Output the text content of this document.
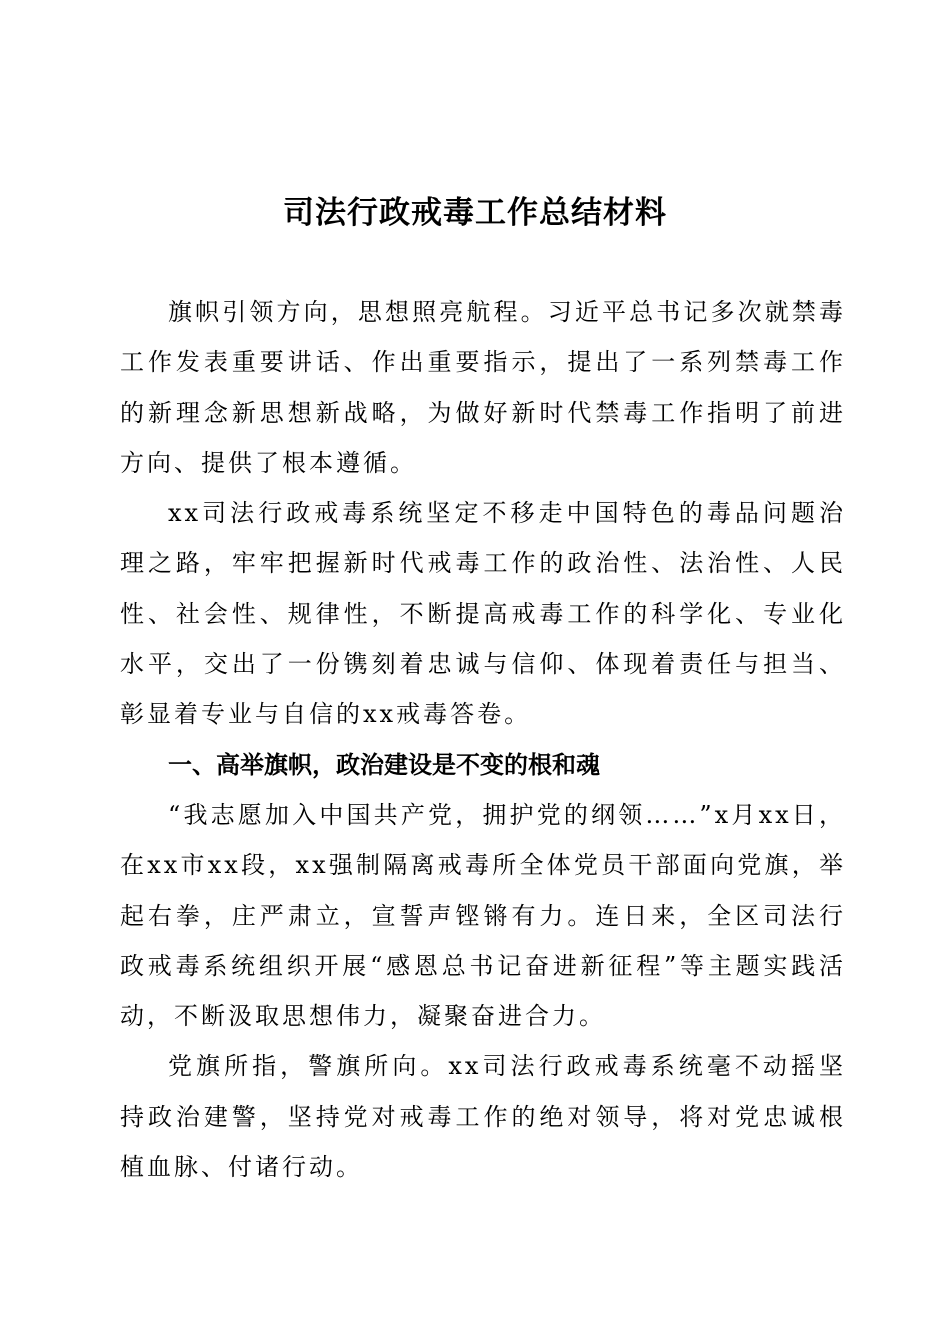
司法行政戒毒工作总结材料

旗帜引领方向，思想照亮航程。习近平总书记多次就禁毒工作发表重要讲话、作出重要指示，提出了一系列禁毒工作的新理念新思想新战略，为做好新时代禁毒工作指明了前进方向、提供了根本遵循。

xx司法行政戒毒系统坚定不移走中国特色的毒品问题治理之路，牢牢把握新时代戒毒工作的政治性、法治性、人民性、社会性、规律性，不断提高戒毒工作的科学化、专业化水平，交出了一份镌刻着忠诚与信仰、体现着责任与担当、彰显着专业与自信的xx戒毒答卷。

一、高举旗帜，政治建设是不变的根和魂

“我志愿加入中国共产党，拥护党的纲领……”x月xx日，在xx市xx段，xx强制隔离戒毒所全体党员干部面向党旗，举起右拳，庄严肃立，宣誓声铿锵有力。连日来，全区司法行政戒毒系统组织开展“感恩总书记奋进新征程”等主题实践活动，不断汲取思想伟力，凝聚奋进合力。

党旗所指，警旗所向。xx司法行政戒毒系统毫不动摇坚持政治建警，坚持党对戒毒工作的绝对领导，将对党忠诚根植血脉、付诸行动。
